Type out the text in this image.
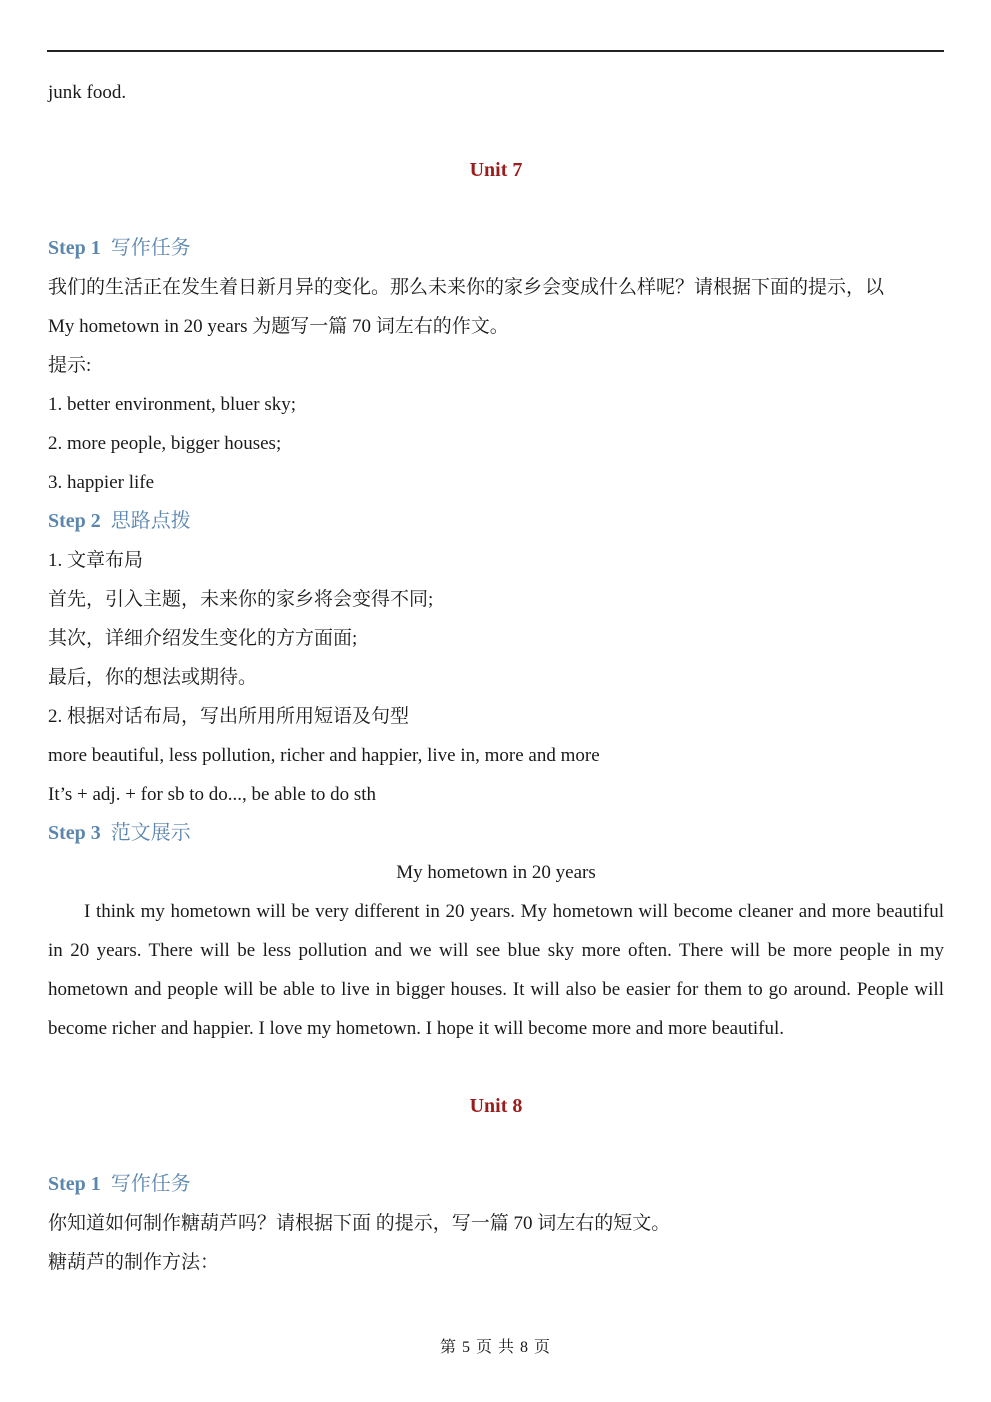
junk food.
Unit 7
Step 1 写作任务
我们的生活正在发生着日新月异的变化。那么未来你的家乡会变成什么样呢？请根据下面的提示，以
My hometown in 20 years 为题写一篇 70 词左右的作文。
提示:
1. better environment, bluer sky;
2. more people, bigger houses;
3. happier life
Step 2 思路点拨
1. 文章布局
首先，引入主题，未来你的家乡将会变得不同;
其次，详细介绍发生变化的方方面面;
最后，你的想法或期待。
2. 根据对话布局，写出所用所用短语及句型
more beautiful, less pollution, richer and happier, live in, more and more
It’s + adj. + for sb to do..., be able to do sth
Step 3 范文展示
My hometown in 20 years
I think my hometown will be very different in 20 years. My hometown will become cleaner and more beautiful in 20 years. There will be less pollution and we will see blue sky more often. There will be more people in my hometown and people will be able to live in bigger houses. It will also be easier for them to go around. People will become richer and happier. I love my hometown. I hope it will become more and more beautiful.
Unit 8
Step 1 写作任务
你知道如何制作糖葫芦吗？请根据下面 的提示，写一篇 70 词左右的短文。
糖葫芦的制作方法：
第 5 页 共 8 页
